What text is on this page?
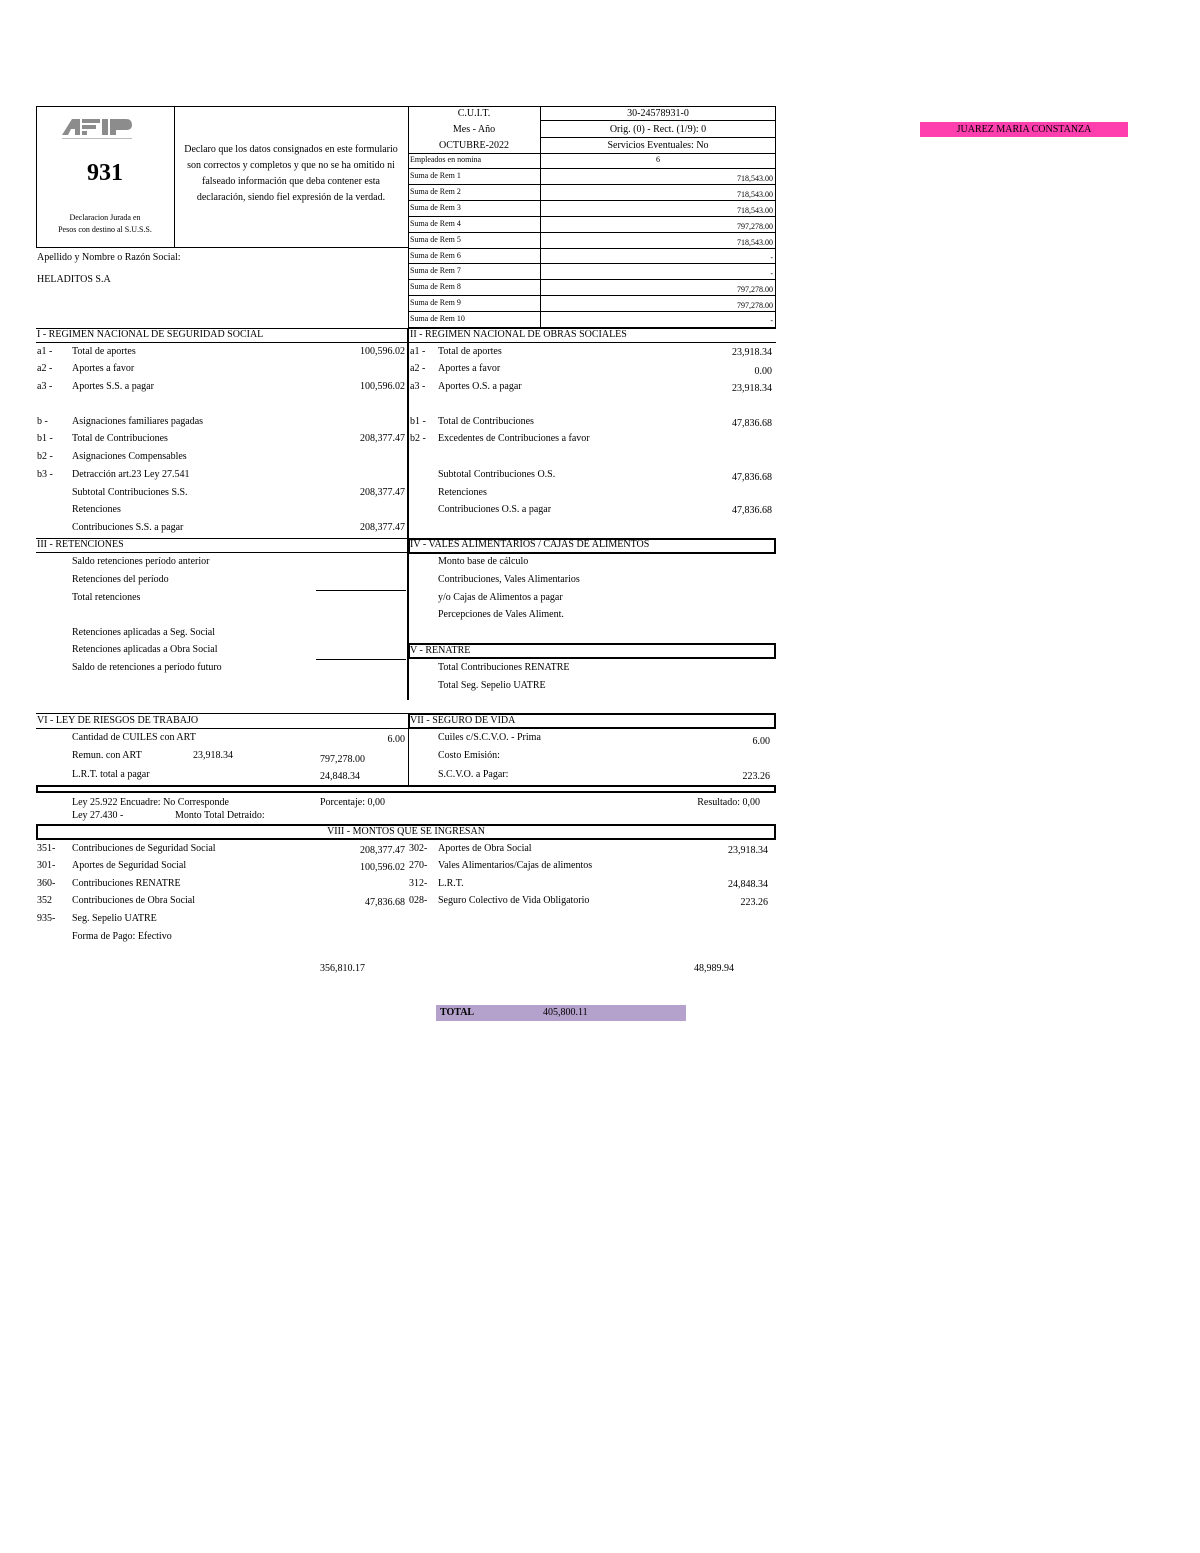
JUAREZ MARIA CONSTANZA
931
Declaracion Jurada en
Pesos con destino al S.U.S.S.
Declaro que los datos consignados en este formulario son correctos y completos y que no se ha omitido ni falseado información que deba contener esta declaración, siendo fiel expresión de la verdad.
C.U.I.T.	30-24578931-0
Mes - Año	Orig. (0) - Rect. (1/9): 0
OCTUBRE-2022	Servicios Eventuales: No
Empleados en nomina	6
Suma de Rem 1	718,543.00
Suma de Rem 2	718,543.00
Suma de Rem 3	718,543.00
Suma de Rem 4	797,278.00
Suma de Rem 5	718,543.00
Suma de Rem 6	-
Suma de Rem 7	-
Suma de Rem 8	797,278.00
Suma de Rem 9	797,278.00
Suma de Rem 10	-
Apellido y Nombre o Razón Social:
HELADITOS S.A
I - REGIMEN NACIONAL DE SEGURIDAD SOCIAL	II - REGIMEN NACIONAL DE OBRAS SOCIALES
a1 - Total de aportes	100,596.02
a2 - Aportes a favor
a3 - Aportes S.S. a pagar	100,596.02
b - Asignaciones familiares pagadas
b1 - Total de Contribuciones	208,377.47
b2 - Asignaciones Compensables
b3 - Detracción art.23 Ley 27.541
Subtotal Contribuciones S.S.	208,377.47
Retenciones
Contribuciones S.S. a pagar	208,377.47
a1 - Total de aportes	23,918.34
a2 - Aportes a favor	0.00
a3 - Aportes O.S. a pagar	23,918.34
b1 - Total de Contribuciones	47,836.68
b2 - Excedentes de Contribuciones a favor
Subtotal Contribuciones O.S.	47,836.68
Retenciones
Contribuciones O.S. a pagar	47,836.68
III - RETENCIONES	IV - VALES ALIMENTARIOS / CAJAS DE ALIMENTOS
Saldo retenciones período anterior
Retenciones del período
Total retenciones
Retenciones aplicadas a Seg. Social
Retenciones aplicadas a Obra Social
Saldo de retenciones a período futuro
Monto base de cálculo
Contribuciones, Vales Alimentarios
y/o Cajas de Alimentos a pagar
Percepciones de Vales Aliment.
V - RENATRE
Total Contribuciones RENATRE
Total Seg. Sepelio UATRE
VI - LEY DE RIESGOS DE TRABAJO	VII - SEGURO DE VIDA
Cantidad de CUILES con ART	6.00
Remun. con ART	23,918.34	797,278.00
L.R.T. total a pagar	24,848.34
Cuiles c/S.C.V.O. - Prima	6.00
Costo Emisión:
S.C.V.O. a Pagar:	223.26
Ley 25.922 Encuadre: No Corresponde	Porcentaje: 0,00	Resultado: 0,00
Ley 27.430 -	Monto Total Detraido:
VIII - MONTOS QUE SE INGRESAN
351- Contribuciones de Seguridad Social	208,377.47
301- Aportes de Seguridad Social	100,596.02
360- Contribuciones RENATRE
352 Contribuciones de Obra Social	47,836.68
935- Seg. Sepelio UATRE
Forma de Pago: Efectivo
302- Aportes de Obra Social	23,918.34
270- Vales Alimentarios/Cajas de alimentos
312- L.R.T.	24,848.34
028- Seguro Colectivo de Vida Obligatorio	223.26
356,810.17	48,989.94
TOTAL	405,800.11
